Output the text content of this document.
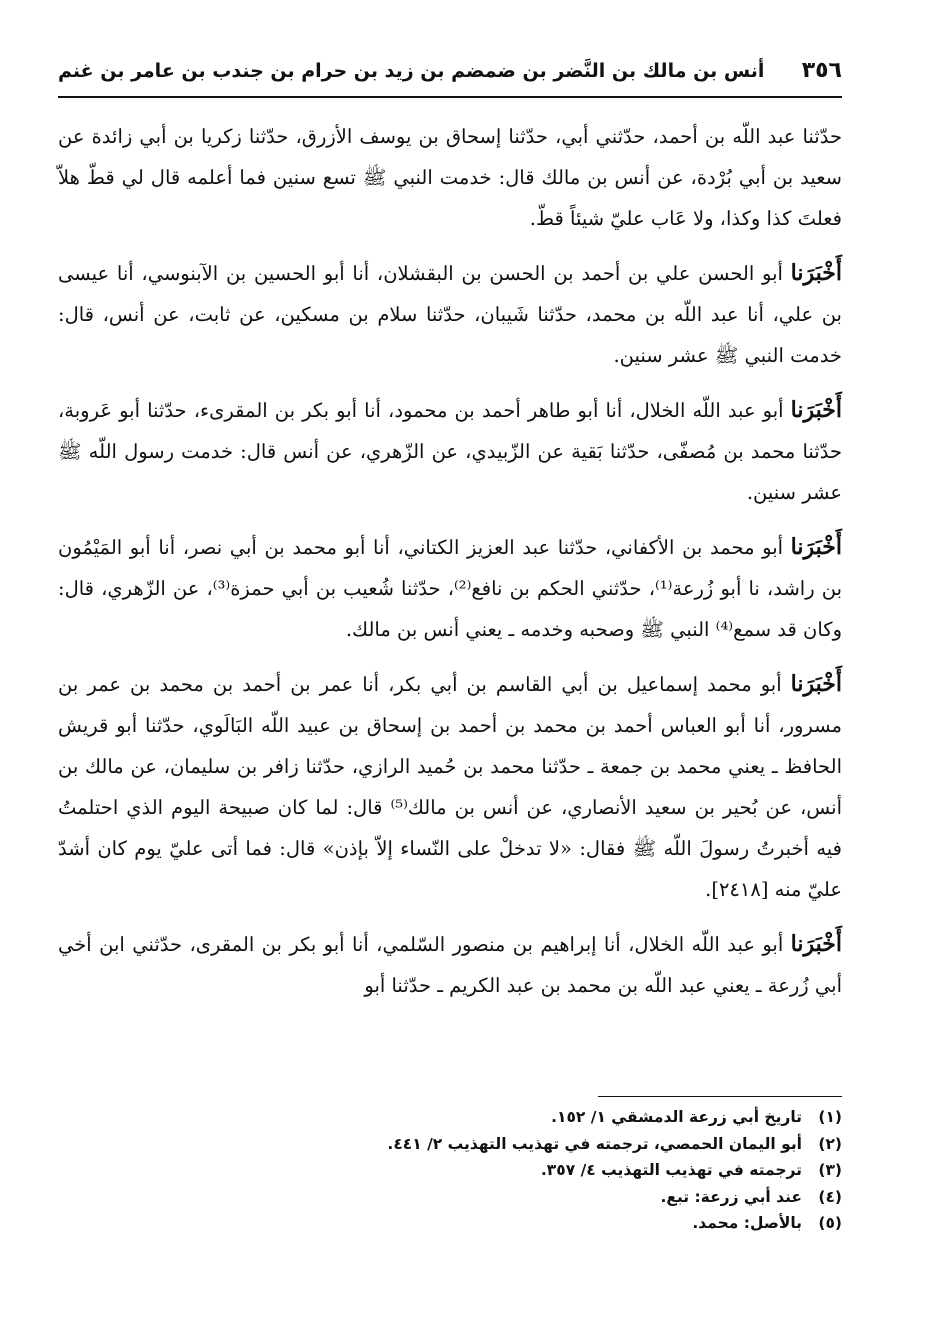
٣٥٦
أنس بن مالك بن النَّضر بن ضمضم بن زيد بن حرام بن جندب بن عامر بن غنم

حدّثنا عبد اللّه بن أحمد، حدّثني أبي، حدّثنا إسحاق بن يوسف الأزرق، حدّثنا زكريا بن أبي زائدة عن سعيد بن أبي بُرْدة، عن أنس بن مالك قال: خدمت النبي ﷺ تسع سنين فما أعلمه قال لي قطّ هلاّ فعلتَ كذا وكذا، ولا عَاب عليّ شيئاً قطّ.

أَخْبَرَنا أبو الحسن علي بن أحمد بن الحسن بن البقشلان، أنا أبو الحسين بن الآبنوسي، أنا عيسى بن علي، أنا عبد اللّه بن محمد، حدّثنا شَيبان، حدّثنا سلام بن مسكين، عن ثابت، عن أنس، قال: خدمت النبي ﷺ عشر سنين.

أَخْبَرَنا أبو عبد اللّه الخلال، أنا أبو طاهر أحمد بن محمود، أنا أبو بكر بن المقرىء، حدّثنا أبو عَروبة، حدّثنا محمد بن مُصفّى، حدّثنا بَقية عن الزّبيدي، عن الزّهري، عن أنس قال: خدمت رسول اللّه ﷺ عشر سنين.

أَخْبَرَنا أبو محمد بن الأكفاني، حدّثنا عبد العزيز الكتاني، أنا أبو محمد بن أبي نصر، أنا أبو المَيْمُون بن راشد، نا أبو زُرعة⁽¹⁾، حدّثني الحكم بن نافع⁽²⁾، حدّثنا شُعيب بن أبي حمزة⁽³⁾، عن الزّهري، قال: وكان قد سمع⁽⁴⁾ النبي ﷺ وصحبه وخدمه ـ يعني أنس بن مالك.

أَخْبَرَنا أبو محمد إسماعيل بن أبي القاسم بن أبي بكر، أنا عمر بن أحمد بن محمد بن عمر بن مسرور، أنا أبو العباس أحمد بن محمد بن أحمد بن إسحاق بن عبيد اللّه البَالَوي، حدّثنا أبو قريش الحافظ ـ يعني محمد بن جمعة ـ حدّثنا محمد بن حُميد الرازي، حدّثنا زافر بن سليمان، عن مالك بن أنس، عن بُحير بن سعيد الأنصاري، عن أنس بن مالك⁽⁵⁾ قال: لما كان صبيحة اليوم الذي احتلمتُ فيه أخبرتُ رسولَ اللّه ﷺ فقال: «لا تدخلْ على النّساء إلاّ بإذن» قال: فما أتى عليّ يوم كان أشدّ عليّ منه [٢٤١٨].

أَخْبَرَنا أبو عبد اللّه الخلال، أنا إبراهيم بن منصور السّلمي، أنا أبو بكر بن المقرى، حدّثني ابن أخي أبي زُرعة ـ يعني عبد اللّه بن محمد بن عبد الكريم ـ حدّثنا أبو

(١)تاريخ أبي زرعة الدمشقي ١/ ١٥٢.
(٢)أبو اليمان الحمصي، ترجمته في تهذيب التهذيب ٢/ ٤٤١.
(٣)ترجمته في تهذيب التهذيب ٤/ ٣٥٧.
(٤)عند أبي زرعة: تبع.
(٥)بالأصل: محمد.
